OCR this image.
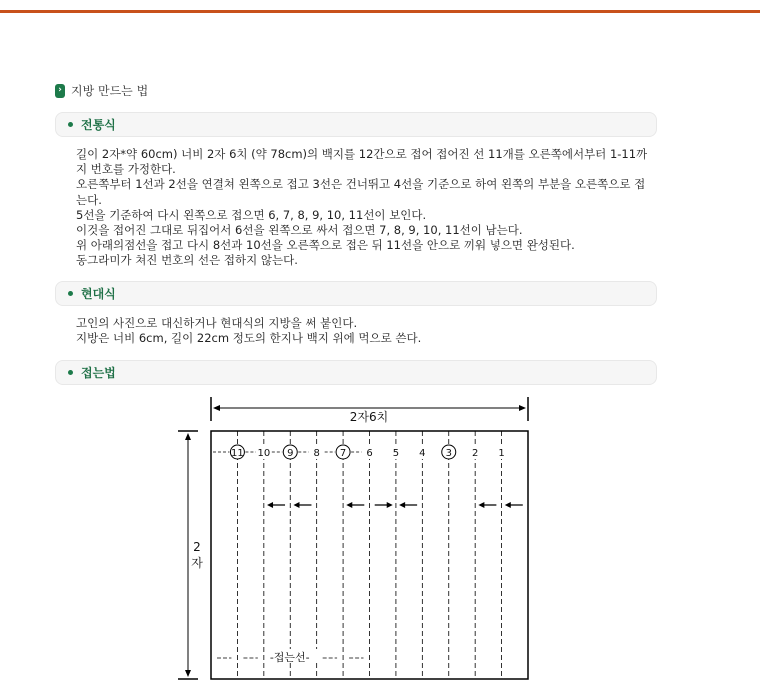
› 지방 만드는 법
전통식

길이 2자*약 60cm) 너비 2자 6치 (약 78cm)의 백지를 12간으로 접어 접어진 선 11개를 오른쪽에서부터 1-11까지 번호를 가정한다.

오른쪽부터 1선과 2선을 연결쳐 왼쪽으로 접고 3선은 건너뛰고 4선을 기준으로 하여 왼쪽의 부분을 오른쪽으로 접는다.

5선을 기준하여 다시 왼쪽으로 접으면 6, 7, 8, 9, 10, 11선이 보인다.

이것을 접어진 그대로 뒤집어서 6선을 왼쪽으로 싸서 접으면 7, 8, 9, 10, 11선이 남는다.

위 아래의점선을 접고 다시 8선과 10선을 오른쪽으로 접은 뒤 11선을 안으로 끼워 넣으면 완성된다.

동그라미가 쳐진 번호의 선은 접하지 않는다.

현대식

고인의 사진으로 대신하거나 현대식의 지방을 써 붙인다.

지방은 너비 6cm, 길이 22cm 정도의 한지나 백지 위에 먹으로 쓴다.

접는법
2자6치
2
자
11 10 9 8 7 6 5 4 3 2 1
-접는선-
